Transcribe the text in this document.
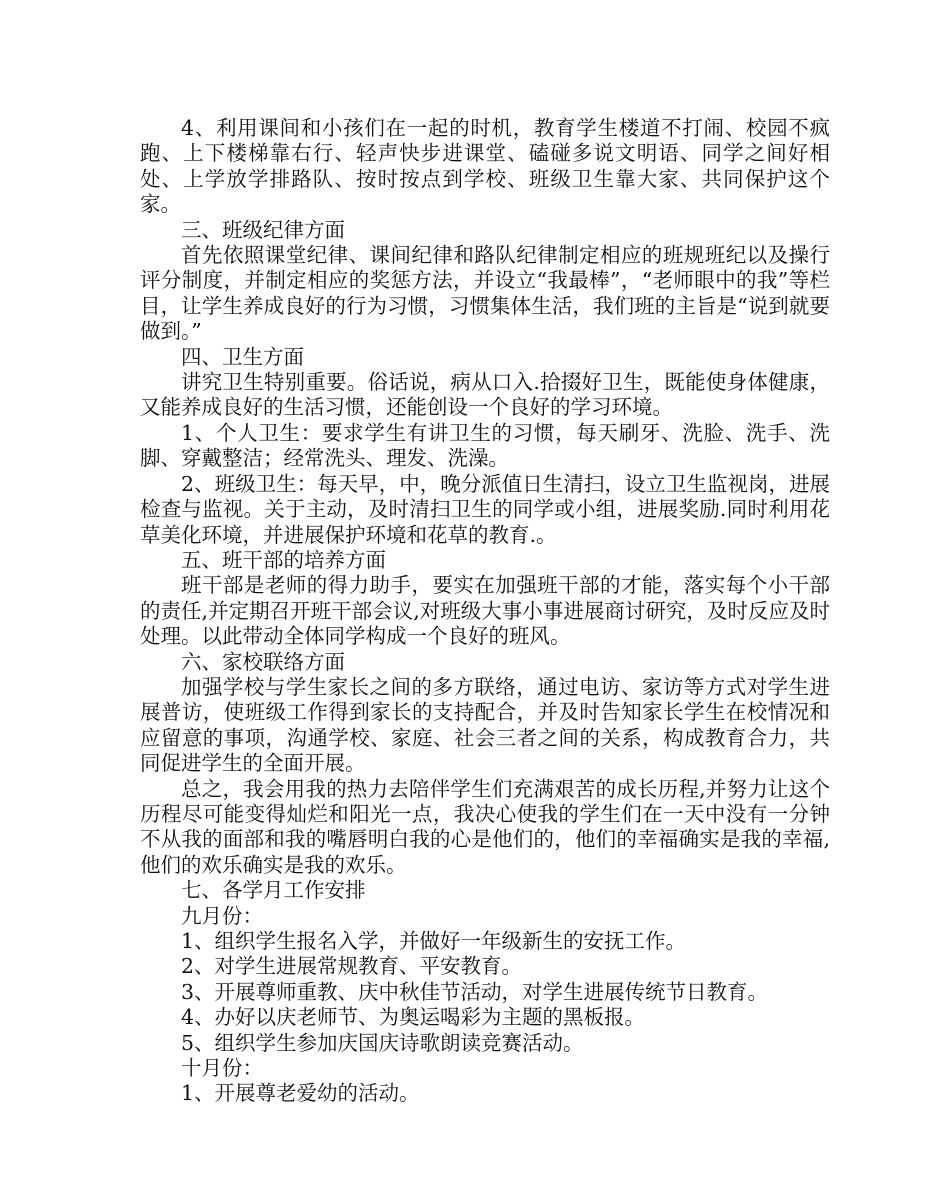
4、利用课间和小孩们在一起的时机，教育学生楼道不打闹、校园不疯跑、上下楼梯靠右行、轻声快步进课堂、磕碰多说文明语、同学之间好相处、上学放学排路队、按时按点到学校、班级卫生靠大家、共同保护这个家。

三、班级纪律方面

首先依照课堂纪律、课间纪律和路队纪律制定相应的班规班纪以及操行评分制度，并制定相应的奖惩方法，并设立“我最棒”，“老师眼中的我”等栏目，让学生养成良好的行为习惯，习惯集体生活，我们班的主旨是“说到就要做到。”

四、卫生方面

讲究卫生特别重要。俗话说，病从口入.拾掇好卫生，既能使身体健康，又能养成良好的生活习惯，还能创设一个良好的学习环境。

1、个人卫生：要求学生有讲卫生的习惯，每天刷牙、洗脸、洗手、洗脚、穿戴整洁；经常洗头、理发、洗澡。

2、班级卫生：每天早，中，晚分派值日生清扫，设立卫生监视岗，进展检查与监视。关于主动，及时清扫卫生的同学或小组，进展奖励.同时利用花草美化环境，并进展保护环境和花草的教育.。

五、班干部的培养方面

班干部是老师的得力助手，要实在加强班干部的才能，落实每个小干部的责任,并定期召开班干部会议,对班级大事小事进展商讨研究，及时反应及时处理。以此带动全体同学构成一个良好的班风。

六、家校联络方面

加强学校与学生家长之间的多方联络，通过电访、家访等方式对学生进展普访，使班级工作得到家长的支持配合，并及时告知家长学生在校情况和应留意的事项，沟通学校、家庭、社会三者之间的关系，构成教育合力，共同促进学生的全面开展。

总之，我会用我的热力去陪伴学生们充满艰苦的成长历程,并努力让这个历程尽可能变得灿烂和阳光一点，我决心使我的学生们在一天中没有一分钟不从我的面部和我的嘴唇明白我的心是他们的，他们的幸福确实是我的幸福,他们的欢乐确实是我的欢乐。

七、各学月工作安排

九月份：

1、组织学生报名入学，并做好一年级新生的安抚工作。

2、对学生进展常规教育、平安教育。

3、开展尊师重教、庆中秋佳节活动，对学生进展传统节日教育。

4、办好以庆老师节、为奥运喝彩为主题的黑板报。

5、组织学生参加庆国庆诗歌朗读竞赛活动。

十月份：

1、开展尊老爱幼的活动。
